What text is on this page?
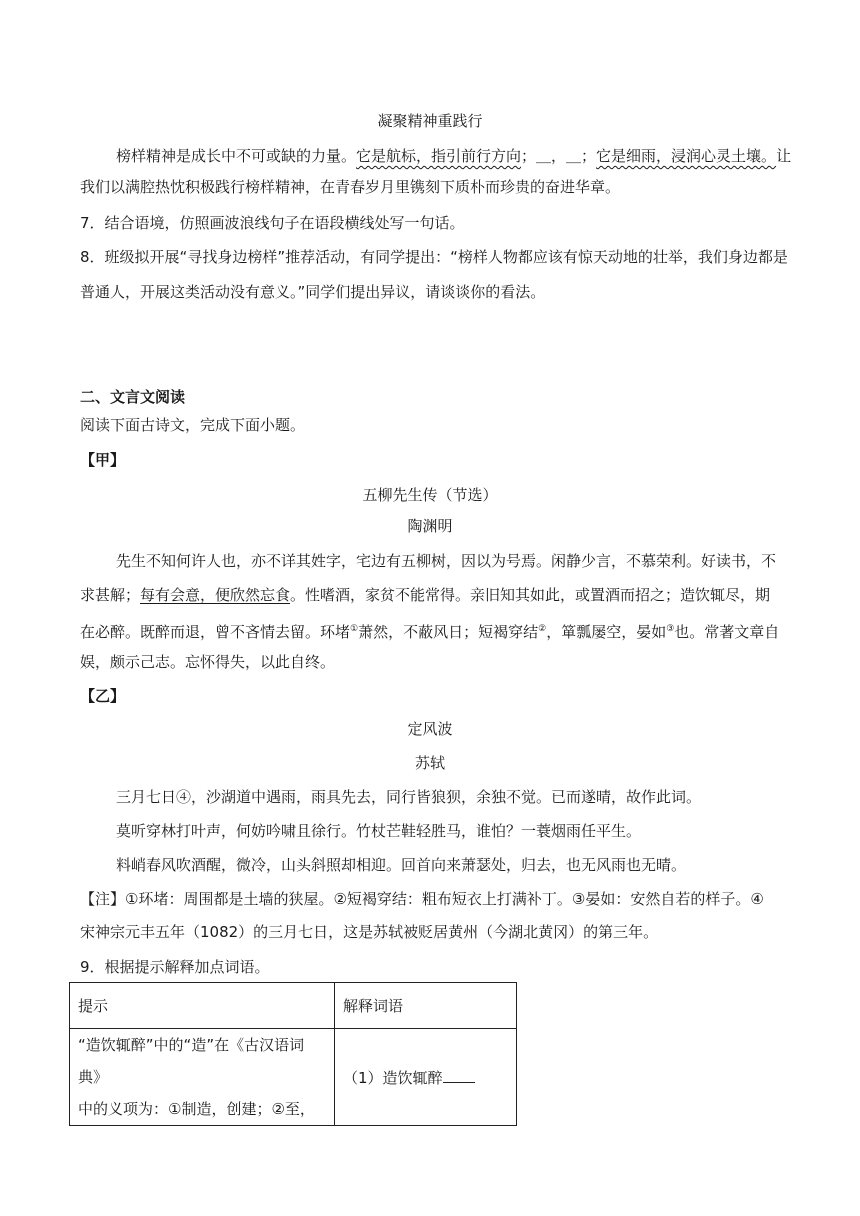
凝聚精神重践行
榜样精神是成长中不可或缺的力量。它是航标，指引前行方向；＿，＿；它是细雨，浸润心灵土壤。让
我们以满腔热忱积极践行榜样精神，在青春岁月里镌刻下质朴而珍贵的奋进华章。
7．结合语境，仿照画波浪线句子在语段横线处写一句话。
8．班级拟开展“寻找身边榜样”推荐活动，有同学提出：“榜样人物都应该有惊天动地的壮举，我们身边都是
普通人，开展这类活动没有意义。”同学们提出异议，请谈谈你的看法。
二、文言文阅读
阅读下面古诗文，完成下面小题。
【甲】
五柳先生传（节选）
陶渊明
先生不知何许人也，亦不详其姓字，宅边有五柳树，因以为号焉。闲静少言，不慕荣利。好读书，不
求甚解；每有会意，便欣然忘食。性嗜酒，家贫不能常得。亲旧知其如此，或置酒而招之；造饮辄尽，期
在必醉。既醉而退，曾不吝情去留。环堵①萧然，不蔽风日；短褐穿结②，箪瓢屡空，晏如③也。常著文章自
娱，颇示己志。忘怀得失，以此自终。
【乙】
定风波
苏轼
三月七日④，沙湖道中遇雨，雨具先去，同行皆狼狈，余独不觉。已而遂晴，故作此词。
莫听穿林打叶声，何妨吟啸且徐行。竹杖芒鞋轻胜马，谁怕？一蓑烟雨任平生。
料峭春风吹酒醒，微冷，山头斜照却相迎。回首向来萧瑟处，归去，也无风雨也无晴。
【注】①环堵：周围都是土墙的狭屋。②短褐穿结：粗布短衣上打满补丁。③晏如：安然自若的样子。④
宋神宗元丰五年（1082）的三月七日，这是苏轼被贬居黄州（今湖北黄冈）的第三年。
9．根据提示解释加点词语。
提示	解释词语

“造饮辄醉”中的“造”在《古汉语词典》
中的义项为：①制造，创建；②至，	（1）造饮辄醉
